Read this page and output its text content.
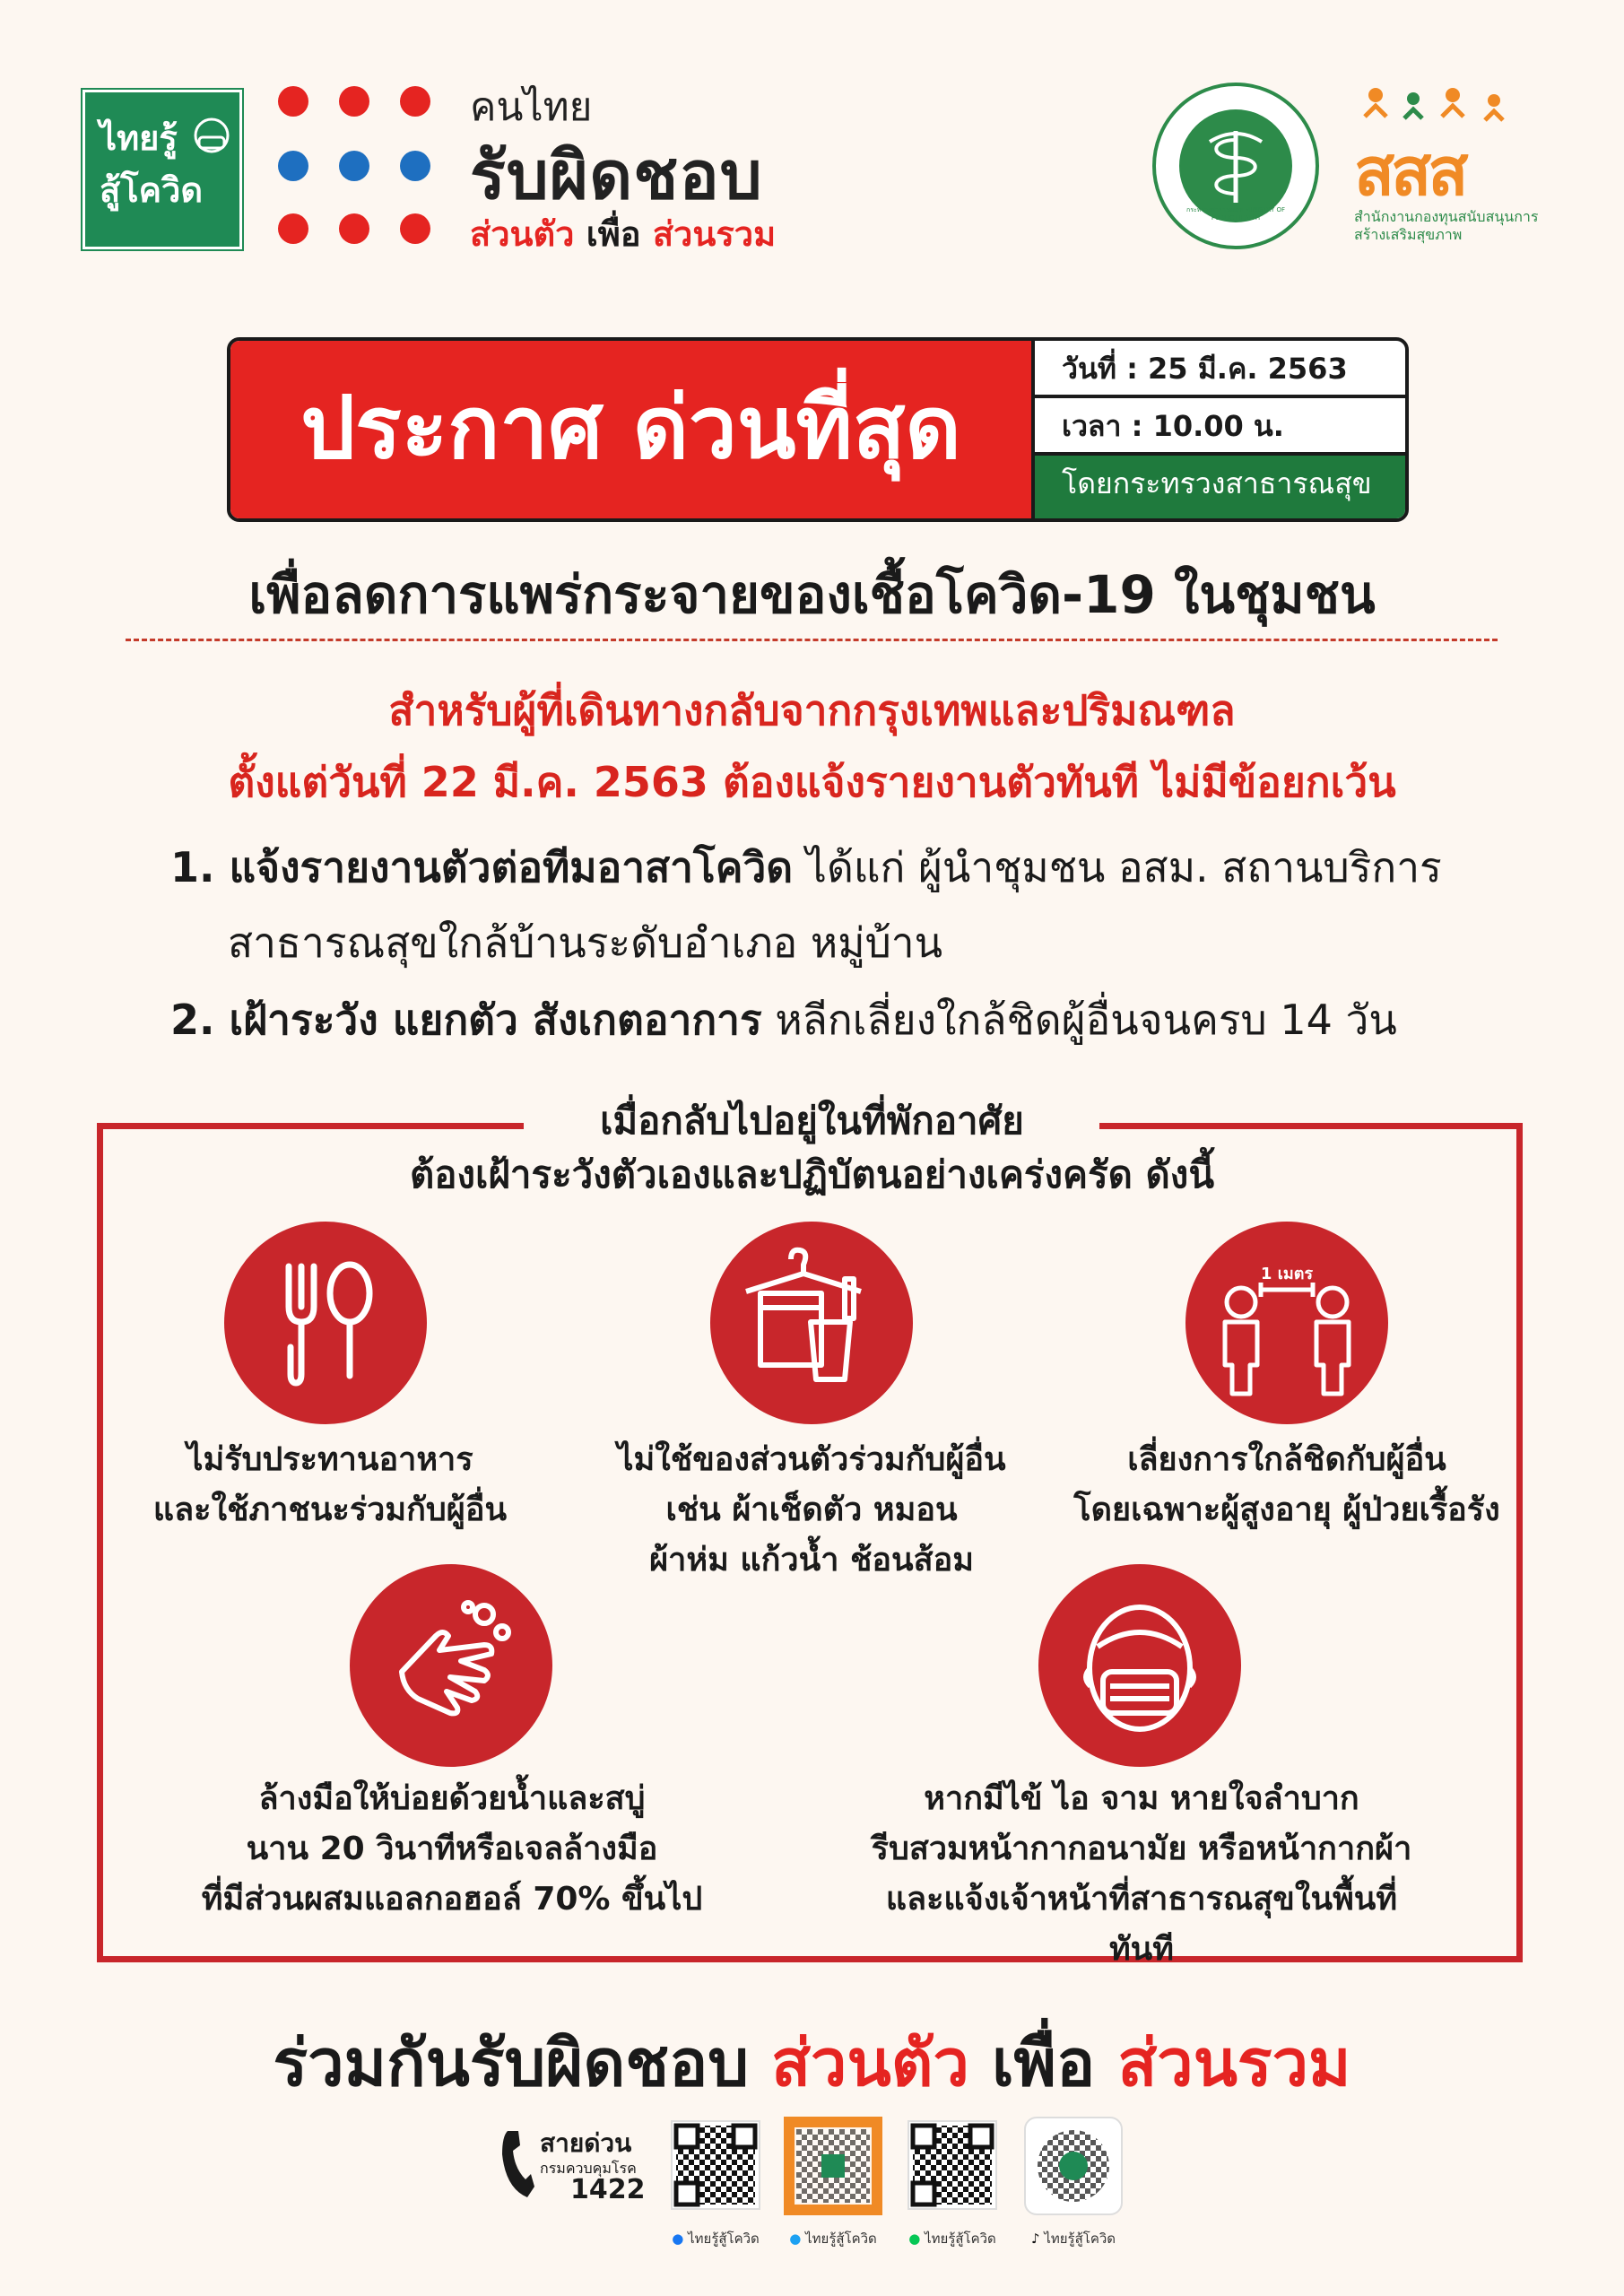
ไทยรู้
สู้โควิด
คนไทย
รับผิดชอบ
ส่วนตัว เพื่อ ส่วนรวม
กระทรวงสาธารณสุข MINISTRY OF PUBLIC HEALTH
สสส
สำนักงานกองทุนสนับสนุนการสร้างเสริมสุขภาพ
ประกาศ ด่วนที่สุด
วันที่ : 25 มี.ค. 2563
เวลา : 10.00 น.
โดยกระทรวงสาธารณสุข
เพื่อลดการแพร่กระจายของเชื้อโควิด-19 ในชุมชน
สำหรับผู้ที่เดินทางกลับจากกรุงเทพและปริมณฑล
ตั้งแต่วันที่ 22 มี.ค. 2563 ต้องแจ้งรายงานตัวทันที ไม่มีข้อยกเว้น
1. แจ้งรายงานตัวต่อทีมอาสาโควิด ได้แก่ ผู้นำชุมชน อสม. สถานบริการ
สาธารณสุขใกล้บ้านระดับอำเภอ หมู่บ้าน
2. เฝ้าระวัง แยกตัว สังเกตอาการ หลีกเลี่ยงใกล้ชิดผู้อื่นจนครบ 14 วัน
เมื่อกลับไปอยู่ในที่พักอาศัย
ต้องเฝ้าระวังตัวเองและปฏิบัตนอย่างเคร่งครัด ดังนี้
ไม่รับประทานอาหาร
และใช้ภาชนะร่วมกับผู้อื่น
ไม่ใช้ของส่วนตัวร่วมกับผู้อื่น
เช่น ผ้าเช็ดตัว หมอน
ผ้าห่ม แก้วน้ำ ช้อนส้อม
1 เมตร
เลี่ยงการใกล้ชิดกับผู้อื่น
โดยเฉพาะผู้สูงอายุ ผู้ป่วยเรื้อรัง
ล้างมือให้บ่อยด้วยน้ำและสบู่
นาน 20 วินาทีหรือเจลล้างมือ
ที่มีส่วนผสมแอลกอฮอล์ 70% ขึ้นไป
หากมีไข้ ไอ จาม หายใจลำบาก
รีบสวมหน้ากากอนามัย หรือหน้ากากผ้า
และแจ้งเจ้าหน้าที่สาธารณสุขในพื้นที่ทันที
ร่วมกันรับผิดชอบ ส่วนตัว เพื่อ ส่วนรวม
สายด่วน
กรมควบคุมโรค
1422
● ไทยรู้สู้โควิด	● ไทยรู้สู้โควิด	● ไทยรู้สู้โควิด	♪ ไทยรู้สู้โควิด
